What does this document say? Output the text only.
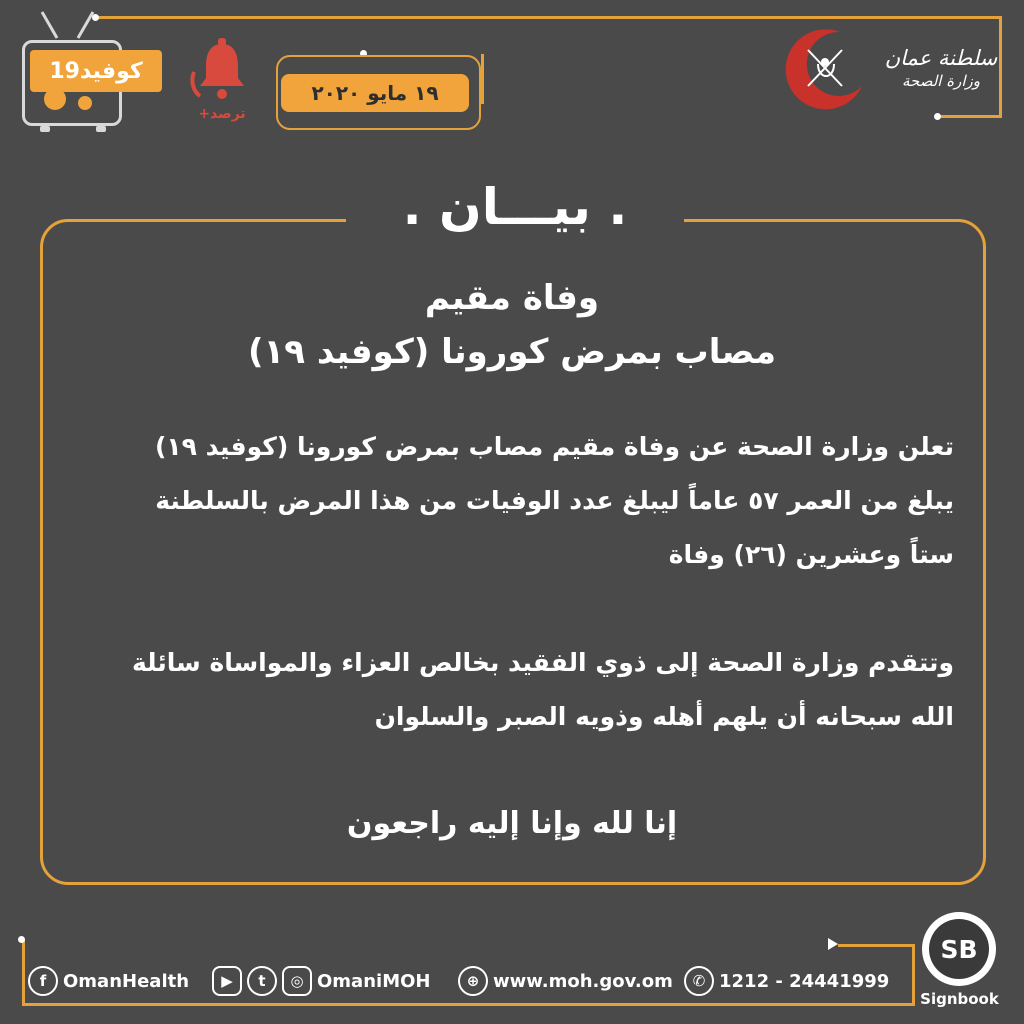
كوفيد19
ترصد+
١٩ مايو ٢٠٢٠
سلطنة عمان
وزارة الصحة
. بيـــان .
وفاة مقيم
مصاب بمرض كورونا (كوفيد ١٩)
تعلن وزارة الصحة عن وفاة مقيم مصاب بمرض كورونا (كوفيد ١٩)
يبلغ من العمر ٥٧ عاماً ليبلغ عدد الوفيات من هذا المرض بالسلطنة
ستاً وعشرين (٢٦) وفاة
وتتقدم وزارة الصحة إلى ذوي الفقيد بخالص العزاء والمواساة سائلة
الله سبحانه أن يلهم أهله وذويه الصبر والسلوان
إنا لله وإنا إليه راجعون
f OmanHealth	▶	t	◎ OmaniMOH	⊕ www.moh.gov.om	✆ 1212 - 24441999
SB
Signbook
